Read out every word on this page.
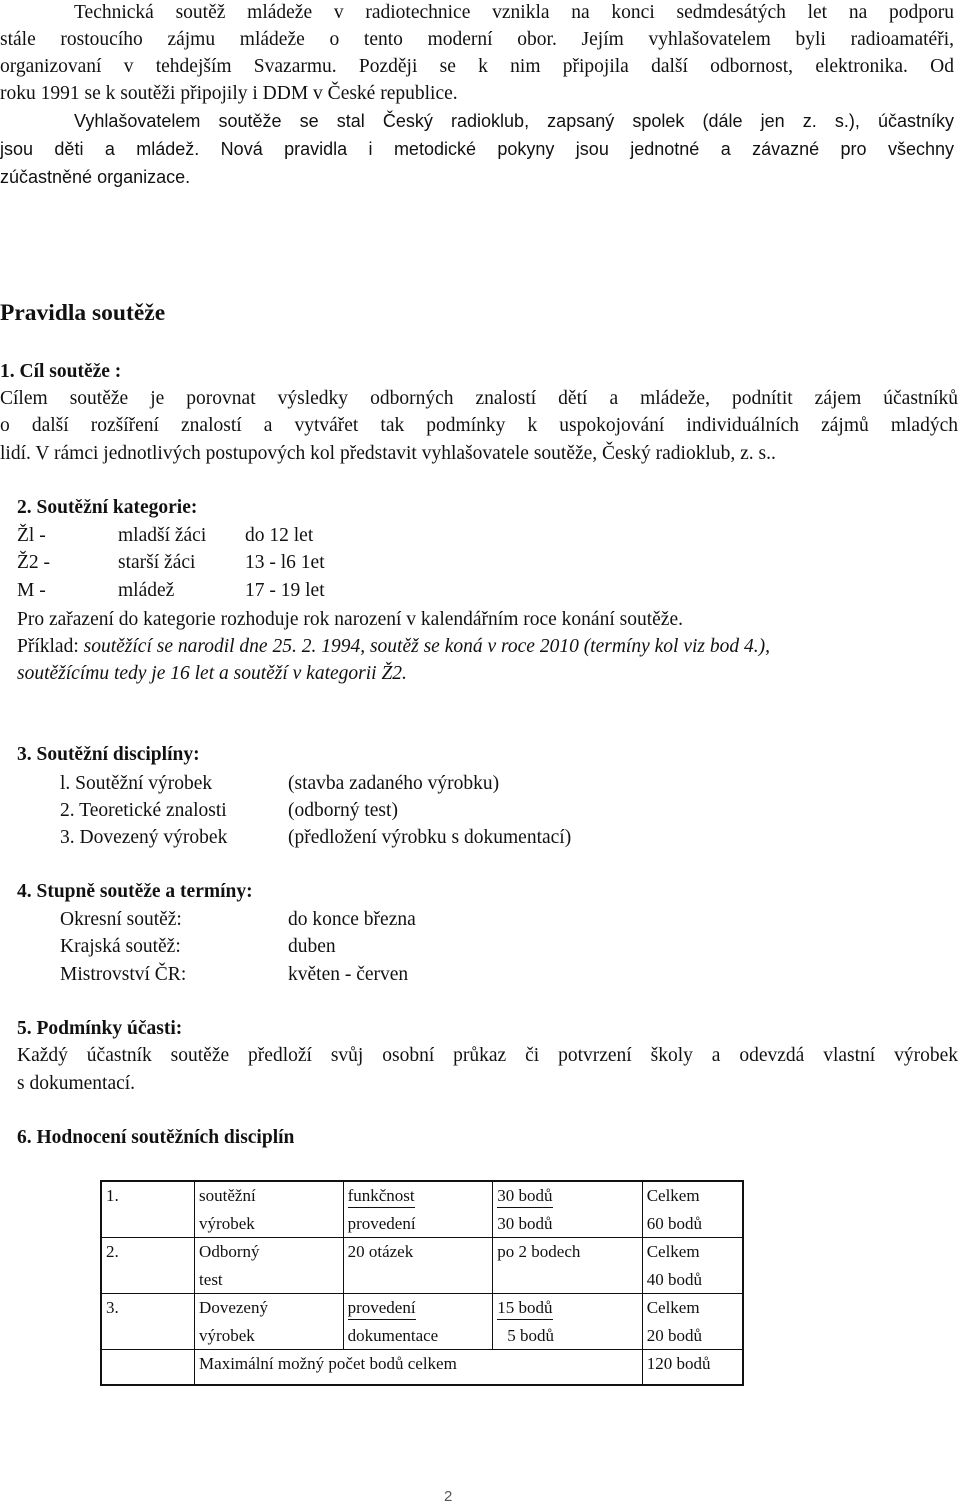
Technická soutěž mládeže v radiotechnice vznikla na konci sedmdesátých let na podporu
stále rostoucího zájmu mládeže o tento moderní obor. Jejím vyhlašovatelem byli radioamatéři,
organizovaní v tehdejším Svazarmu. Později se k nim připojila další odbornost, elektronika. Od
roku 1991 se k soutěži připojily i DDM v České republice.
Vyhlašovatelem soutěže se stal Český radioklub, zapsaný spolek (dále jen z. s.), účastníky
jsou děti a mládež. Nová pravidla i metodické pokyny jsou jednotné a závazné pro všechny
zúčastněné organizace.
Pravidla soutěže
1. Cíl soutěže :
Cílem soutěže je porovnat výsledky odborných znalostí dětí a mládeže, podnítit zájem účastníků
o další rozšíření znalostí a vytvářet tak podmínky k uspokojování individuálních zájmů mladých
lidí. V rámci jednotlivých postupových kol představit vyhlašovatele soutěže, Český radioklub, z. s..
2. Soutěžní kategorie:
Žl -	mladší žáci do 12 let
Ž2 -	starší žáci	13 - l6 1et
M -	mládež	17 - 19 let
Pro zařazení do kategorie rozhoduje rok narození v kalendářním roce konání soutěže.
Příklad: soutěžící se narodil dne 25. 2. 1994, soutěž se koná v roce 2010 (termíny kol viz bod 4.),
soutěžícímu tedy je 16 let a soutěží v kategorii Ž2.
3. Soutěžní disciplíny:
l. Soutěžní výrobek	(stavba zadaného výrobku)
2. Teoretické znalosti	(odborný test)
3. Dovezený výrobek	(předložení výrobku s dokumentací)
4. Stupně soutěže a termíny:
Okresní soutěž:	do konce března
Krajská soutěž:	duben
Mistrovství ČR:	květen - červen
5. Podmínky účasti:
Každý účastník soutěže předloží svůj osobní průkaz či potvrzení školy a odevzdá vlastní výrobek
s dokumentací.
6. Hodnocení soutěžních disciplín
1.	soutěžní	funkčnost	30 bodů	Celkem
	výrobek	provedení	30 bodů	60 bodů
2.	Odborný	20 otázek	po 2 bodech	Celkem
	test			40 bodů
3.	Dovezený	provedení	15 bodů	Celkem
	výrobek	dokumentace	5 bodů	20 bodů
	Maximální možný počet bodů celkem			120 bodů
2
